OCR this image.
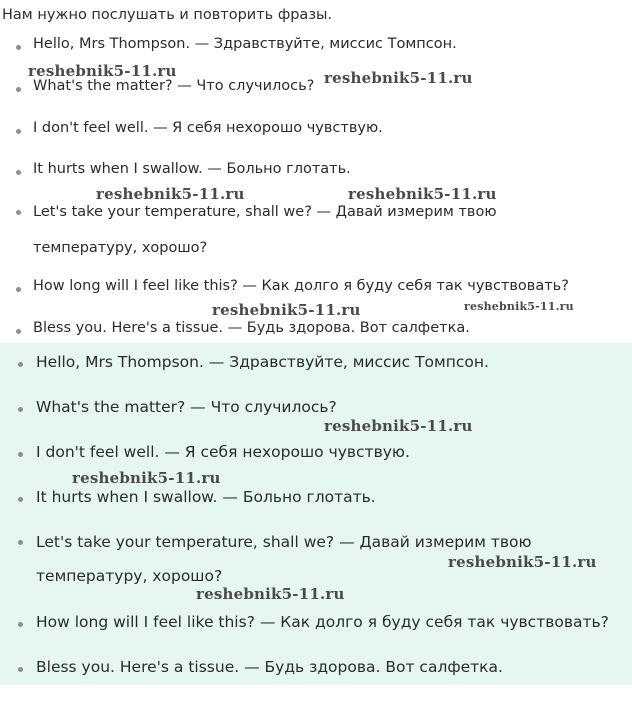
Нам нужно послушать и повторить фразы.
Hello, Mrs Thompson. — Здравствуйте, миссис Томпсон.
What's the matter? — Что случилось?
I don't feel well. — Я себя нехорошо чувствую.
It hurts when I swallow. — Больно глотать.
Let's take your temperature, shall we? — Давай измерим твою температуру, хорошо?
How long will I feel like this? — Как долго я буду себя так чувствовать?
Bless you. Here's a tissue. — Будь здорова. Вот салфетка.
Hello, Mrs Thompson. — Здравствуйте, миссис Томпсон.
What's the matter? — Что случилось?
I don't feel well. — Я себя нехорошо чувствую.
It hurts when I swallow. — Больно глотать.
Let's take your temperature, shall we? — Давай измерим твою температуру, хорошо?
How long will I feel like this? — Как долго я буду себя так чувствовать?
Bless you. Here's a tissue. — Будь здорова. Вот салфетка.
reshebnik5-11.ru	reshebnik5-11.ru
reshebnik5-11.ru	reshebnik5-11.ru
reshebnik5-11.ru	reshebnik5-11.ru
reshebnik5-11.ru
reshebnik5-11.ru
reshebnik5-11.ru
reshebnik5-11.ru
